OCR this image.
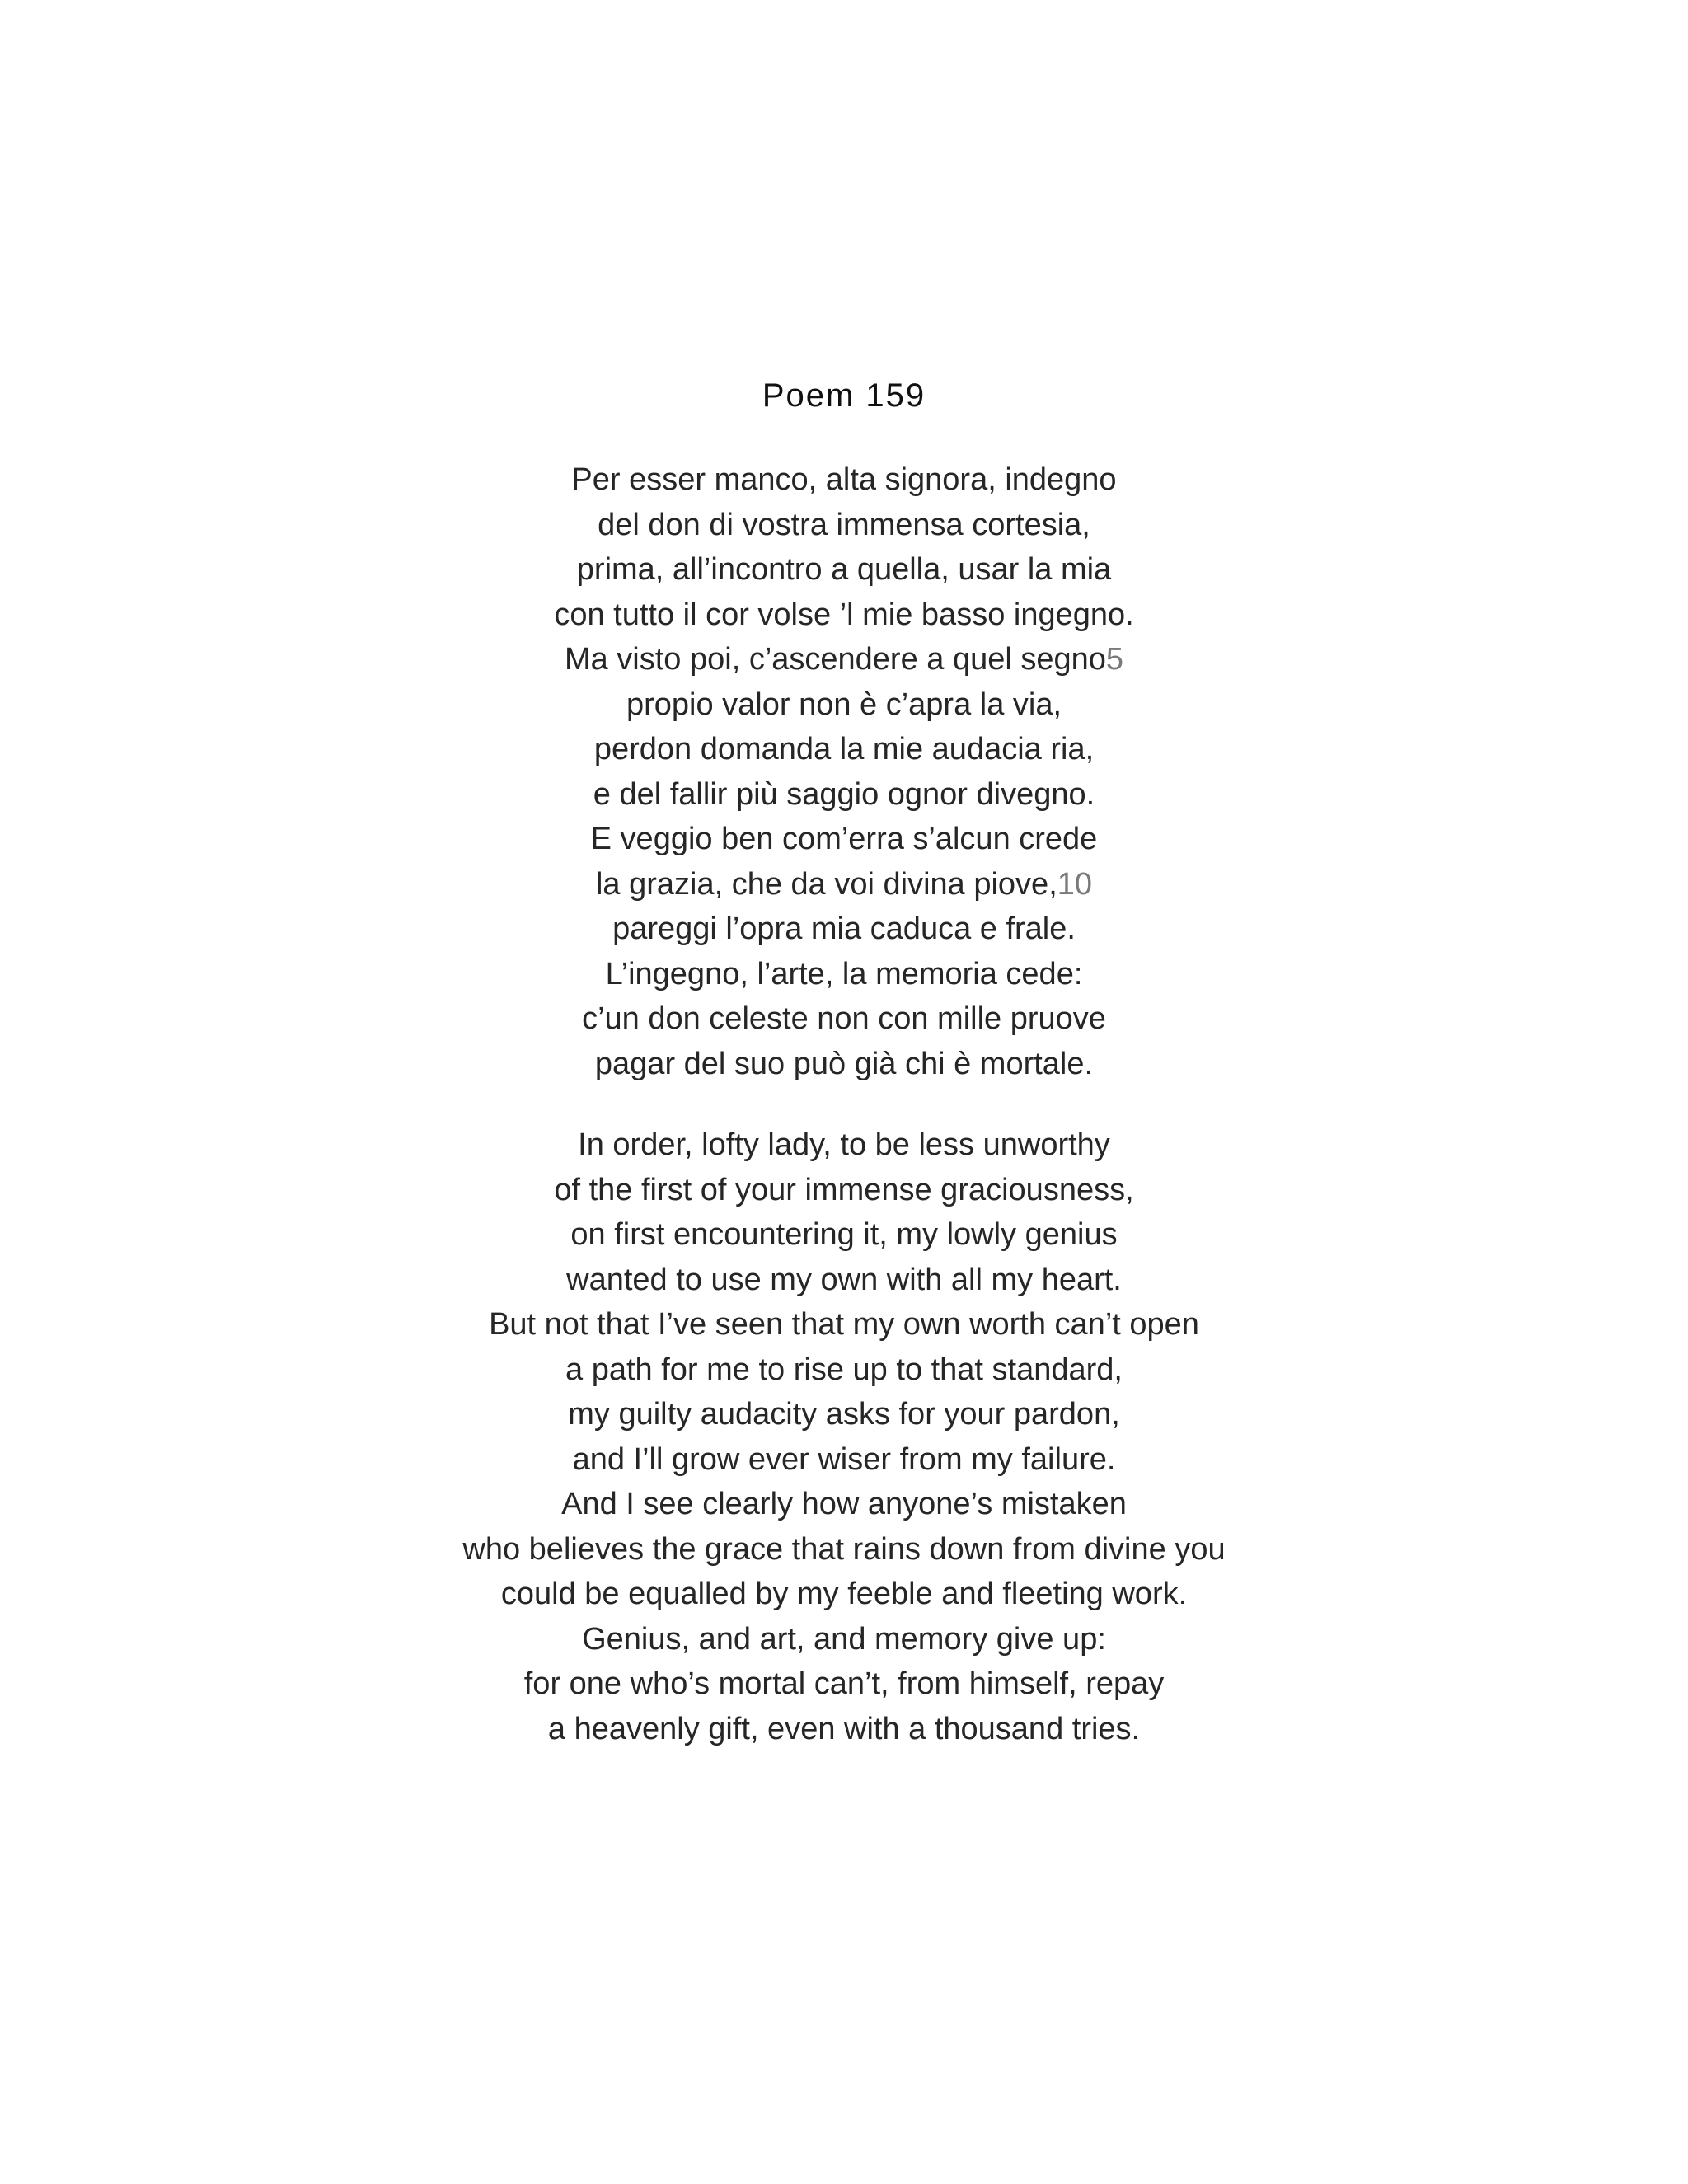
Poem 159
Per esser manco, alta signora, indegno
del don di vostra immensa cortesia,
prima, all’incontro a quella, usar la mia
con tutto il cor volse ’l mie basso ingegno.
Ma visto poi, c’ascendere a quel segno5
propio valor non è c’apra la via,
perdon domanda la mie audacia ria,
e del fallir più saggio ognor divegno.
E veggio ben com’erra s’alcun crede
la grazia, che da voi divina piove,10
pareggi l’opra mia caduca e frale.
L’ingegno, l’arte, la memoria cede:
c’un don celeste non con mille pruove
pagar del suo può già chi è mortale.
In order, lofty lady, to be less unworthy
of the first of your immense graciousness,
on first encountering it, my lowly genius
wanted to use my own with all my heart.
But not that I’ve seen that my own worth can’t open
a path for me to rise up to that standard,
my guilty audacity asks for your pardon,
and I’ll grow ever wiser from my failure.
And I see clearly how anyone’s mistaken
who believes the grace that rains down from divine you
could be equalled by my feeble and fleeting work.
Genius, and art, and memory give up:
for one who’s mortal can’t, from himself, repay
a heavenly gift, even with a thousand tries.
